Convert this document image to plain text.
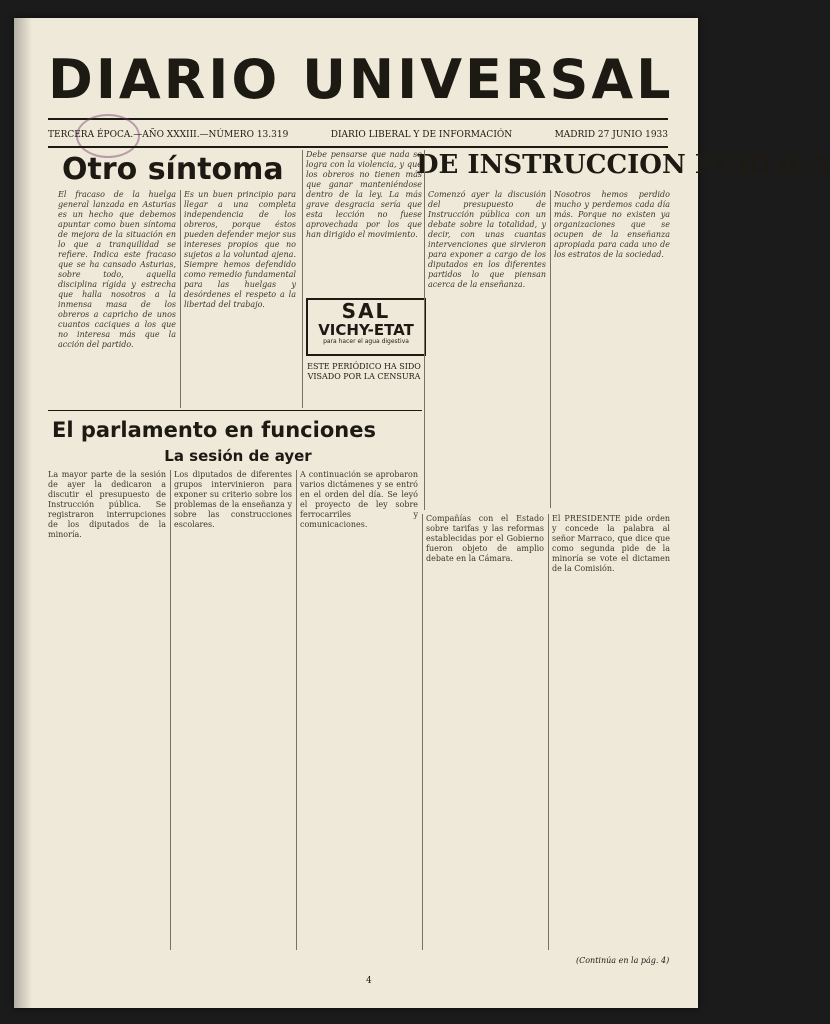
DIARIO UNIVERSAL
TERCERA ÉPOCA.—AÑO XXXIII.—NÚMERO 13.319	DIARIO LIBERAL Y DE INFORMACIÓN	MADRID 27 JUNIO 1933
Otro síntoma
El fracaso de la huelga general lanzada en Asturias es un hecho que debemos apuntar como buen síntoma de mejora de la situación en lo que a tranquilidad se refiere. Indica este fracaso que se ha cansado Asturias, sobre todo, aquella disciplina rígida y estrecha que halla nosotros a la inmensa masa de los obreros a capricho de unos cuantos caciques a los que no interesa más que la acción del partido.
Es un buen principio para llegar a una completa independencia de los obreros, porque éstos pueden defender mejor sus intereses propios que no sujetos a la voluntad ajena. Siempre hemos defendido como remedio fundamental para las huelgas y desórdenes el respeto a la libertad del trabajo.
Debe pensarse que nada se logra con la violencia, y que los obreros no tienen más que ganar manteniéndose dentro de la ley. La más grave desgracia sería que esta lección no fuese aprovechada por los que han dirigido el movimiento.
SAL
VICHY-ETAT
para hacer el agua digestiva
ESTE PERIÓDICO HA SIDO VISADO POR LA CENSURA
DE INSTRUCCION PUBLICA
Comenzó ayer la discusión del presupuesto de Instrucción pública con un debate sobre la totalidad, y decir, con unas cuantas intervenciones que sirvieron para exponer a cargo de los diputados en los diferentes partidos lo que piensan acerca de la enseñanza.
Nosotros hemos perdido mucho y perdemos cada día más. Porque no existen ya organizaciones que se ocupen de la enseñanza apropiada para cada uno de los estratos de la sociedad.
El parlamento en funciones
La sesión de ayer
La mayor parte de la sesión de ayer la dedicaron a discutir el presupuesto de Instrucción pública. Se registraron interrupciones de los diputados de la minoría.
Los diputados de diferentes grupos intervinieron para exponer su criterio sobre los problemas de la enseñanza y sobre las construcciones escolares.
A continuación se aprobaron varios dictámenes y se entró en el orden del día. Se leyó el proyecto de ley sobre ferrocarriles y comunicaciones.
Compañías con el Estado sobre tarifas y las reformas establecidas por el Gobierno fueron objeto de amplio debate en la Cámara.
El PRESIDENTE pide orden y concede la palabra al señor Marraco, que dice que como segunda pide de la minoría se vote el dictamen de la Comisión.
(Continúa en la pág. 4)
4
